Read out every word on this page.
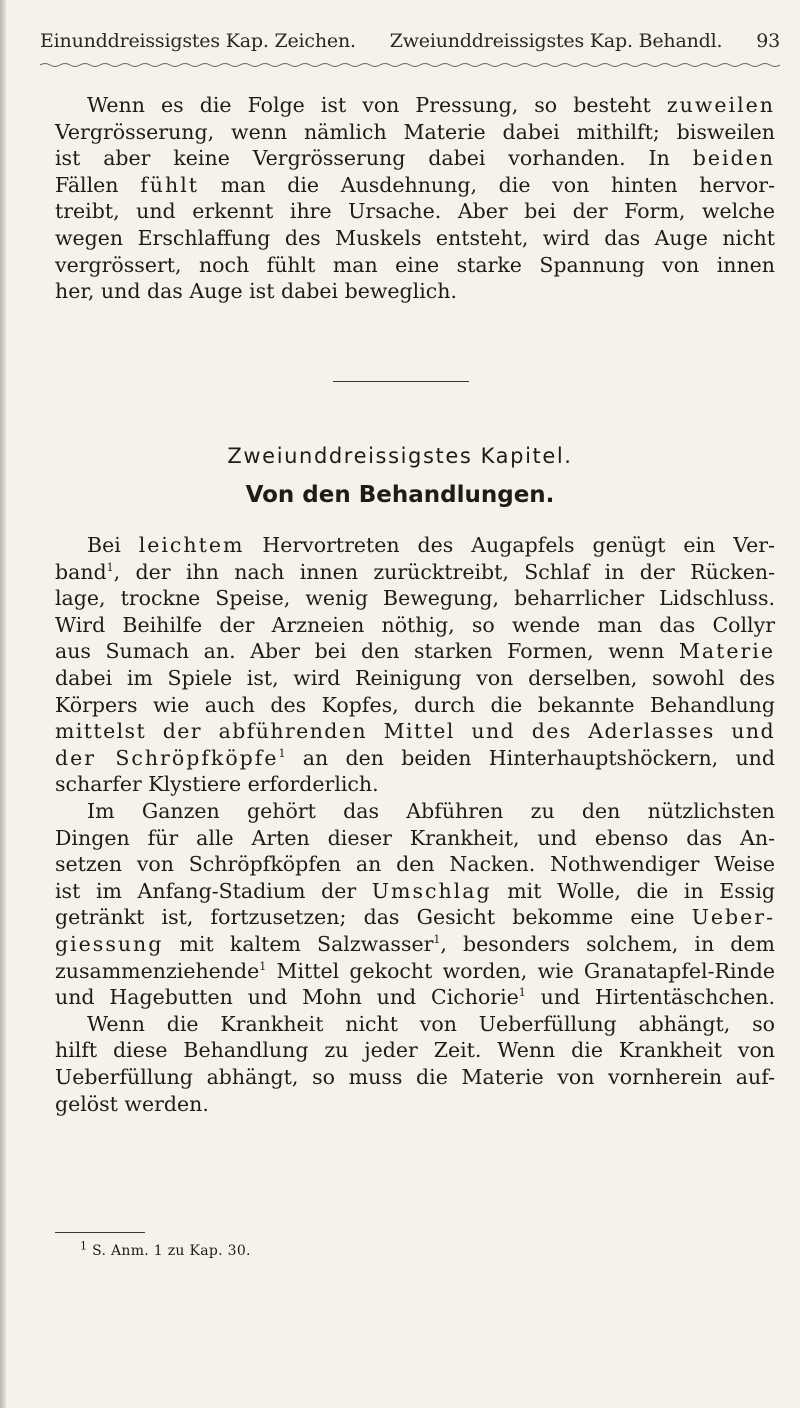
Einunddreissigstes Kap. Zeichen. Zweiunddreissigstes Kap. Behandl. 93
Wenn es die Folge ist von Pressung, so besteht zuweilen
Vergrösserung, wenn nämlich Materie dabei mithilft; bisweilen
ist aber keine Vergrösserung dabei vorhanden. In beiden
Fällen fühlt man die Ausdehnung, die von hinten hervor-
treibt, und erkennt ihre Ursache. Aber bei der Form, welche
wegen Erschlaffung des Muskels entsteht, wird das Auge nicht
vergrössert, noch fühlt man eine starke Spannung von innen
her, und das Auge ist dabei beweglich.
Zweiunddreissigstes Kapitel.
Von den Behandlungen.
Bei leichtem Hervortreten des Augapfels genügt ein Ver-
band$^1$, der ihn nach innen zurücktreibt, Schlaf in der Rücken-
lage, trockne Speise, wenig Bewegung, beharrlicher Lidschluss.
Wird Beihilfe der Arzneien nöthig, so wende man das Collyr
aus Sumach an. Aber bei den starken Formen, wenn Materie
dabei im Spiele ist, wird Reinigung von derselben, sowohl des
Körpers wie auch des Kopfes, durch die bekannte Behandlung
mittelst der abführenden Mittel und des Aderlasses und
der Schröpfköpfe$^1$ an den beiden Hinterhauptshöckern, und
scharfer Klystiere erforderlich.
Im Ganzen gehört das Abführen zu den nützlichsten
Dingen für alle Arten dieser Krankheit, und ebenso das An-
setzen von Schröpfköpfen an den Nacken. Nothwendiger Weise
ist im Anfang-Stadium der Umschlag mit Wolle, die in Essig
getränkt ist, fortzusetzen; das Gesicht bekomme eine Ueber-
giessung mit kaltem Salzwasser$^1$, besonders solchem, in dem
zusammenziehende$^1$ Mittel gekocht worden, wie Granatapfel-Rinde
und Hagebutten und Mohn und Cichorie$^1$ und Hirtentäschchen.
Wenn die Krankheit nicht von Ueberfüllung abhängt, so
hilft diese Behandlung zu jeder Zeit. Wenn die Krankheit von
Ueberfüllung abhängt, so muss die Materie von vornherein auf-
gelöst werden.
$^1$ S. Anm. 1 zu Kap. 30.
